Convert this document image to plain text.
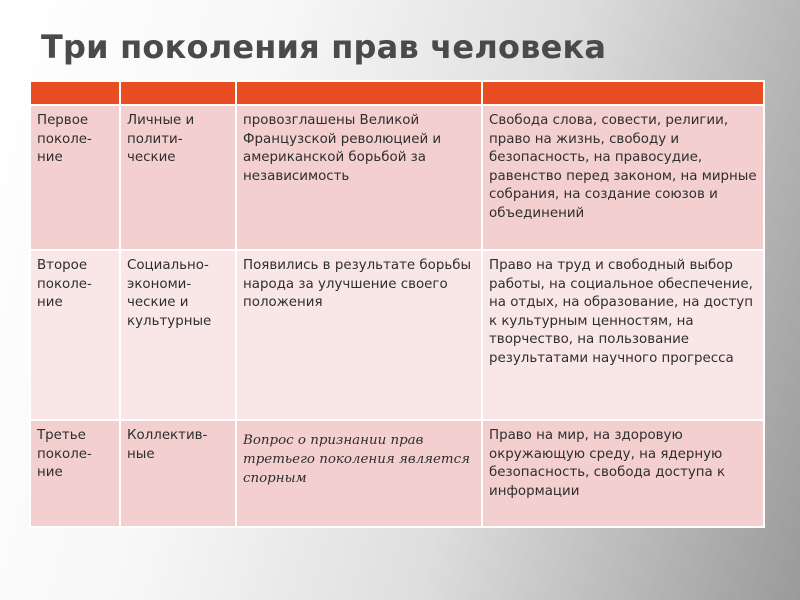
Три поколения прав человека

Первое
поколе-
ние	Личные и
полити-
ческие	провозглашены Великой Французской революцией и американской борьбой за независимость	Свобода слова, совести, религии, право на жизнь, свободу и безопасность, на правосудие, равенство перед законом, на мирные собрания, на создание союзов и объединений

Второе
поколе-
ние	Социально-
экономи-
ческие и
культурные	Появились в результате борьбы народа за улучшение своего положения	Право на труд и свободный выбор работы, на социальное обеспечение, на отдых, на образование, на доступ к культурным ценностям, на творчество, на пользование результатами научного прогресса

Третье
поколе-
ние	Коллектив-
ные	Вопрос о признании прав третьего поколения является спорным	Право на мир, на здоровую окружающую среду, на ядерную безопасность, свобода доступа к информации
